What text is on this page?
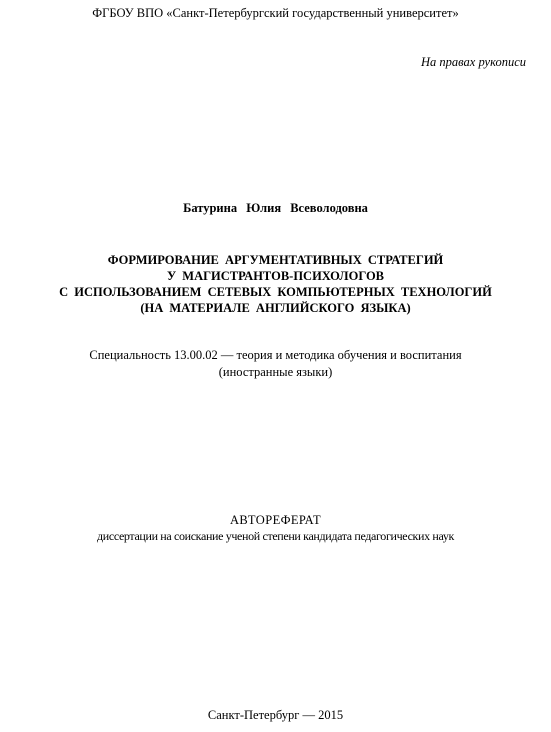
ФГБОУ ВПО «Санкт-Петербургский государственный университет»
На правах рукописи
Батурина Юлия Всеволодовна
ФОРМИРОВАНИЕ АРГУМЕНТАТИВНЫХ СТРАТЕГИЙ
У МАГИСТРАНТОВ-ПСИХОЛОГОВ
С ИСПОЛЬЗОВАНИЕМ СЕТЕВЫХ КОМПЬЮТЕРНЫХ ТЕХНОЛОГИЙ
(НА МАТЕРИАЛЕ АНГЛИЙСКОГО ЯЗЫКА)
Специальность 13.00.02 — теория и методика обучения и воспитания
(иностранные языки)
АВТОРЕФЕРАТ
диссертации на соискание ученой степени кандидата педагогических наук
Санкт-Петербург — 2015
